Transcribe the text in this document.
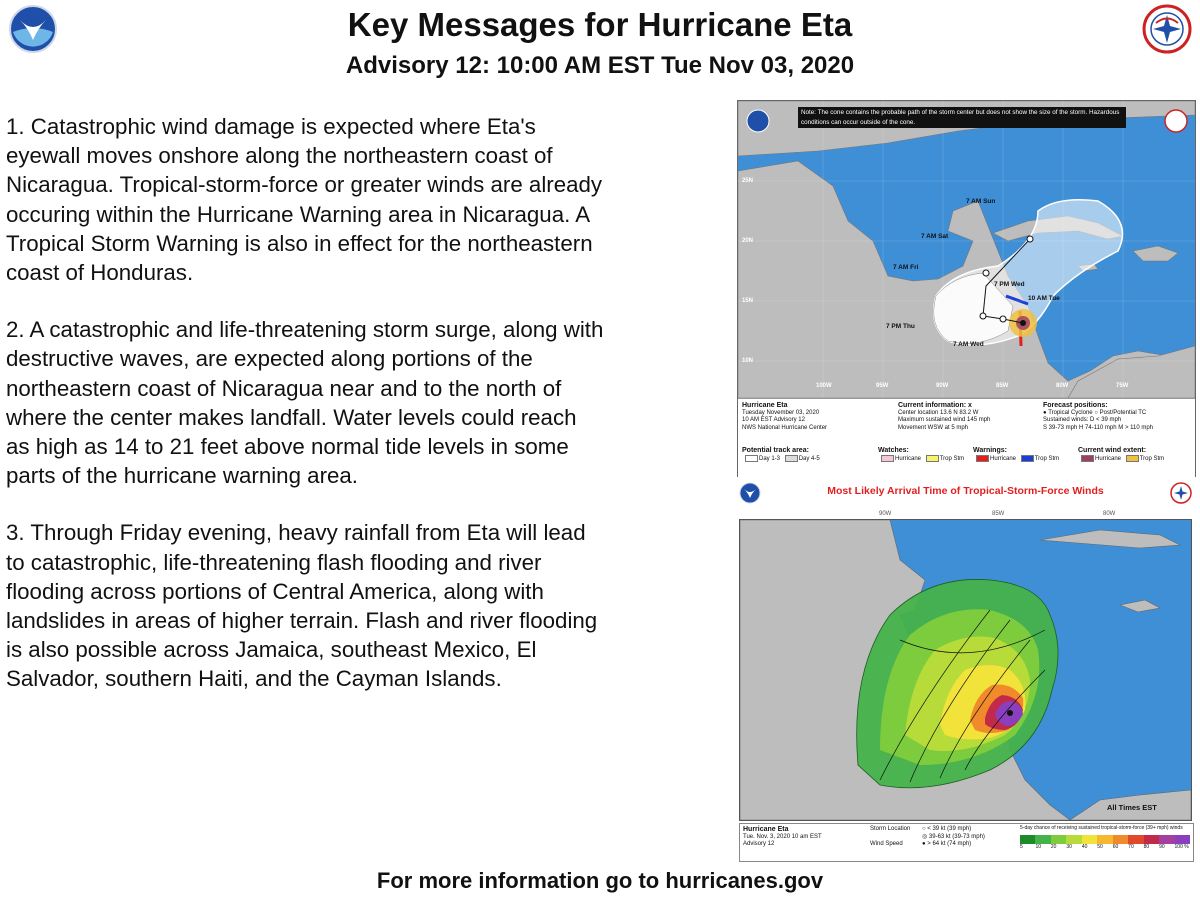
Key Messages for Hurricane Eta
Advisory 12: 10:00 AM EST Tue Nov 03, 2020

1. Catastrophic wind damage is expected where Eta's eyewall moves onshore along the northeastern coast of Nicaragua. Tropical-storm-force or greater winds are already occuring within the Hurricane Warning area in Nicaragua. A Tropical Storm Warning is also in effect for the northeastern coast of Honduras.

2. A catastrophic and life-threatening storm surge, along with destructive waves, are expected along portions of the northeastern coast of Nicaragua near and to the north of where the center makes landfall. Water levels could reach as high as 14 to 21 feet above normal tide levels in some parts of the hurricane warning area.

3. Through Friday evening, heavy rainfall from Eta will lead to catastrophic, life-threatening flash flooding and river flooding across portions of Central America, along with landslides in areas of higher terrain. Flash and river flooding is also possible across Jamaica, southeast Mexico, El Salvador, southern Haiti, and the Cayman Islands.

Note: The cone contains the probable path of the storm center but does not show the size of the storm. Hazardous conditions can occur outside of the cone.
7 AM Sun
7 AM Sat
7 AM Fri
7 PM Wed
10 AM Tue
7 PM Thu
7 AM Wed
25N
20N
15N
10N
100W	95W	90W	85W	80W	75W
Hurricane Eta
Tuesday November 03, 2020
10 AM EST Advisory 12
NWS National Hurricane Center
Current information: x
Center location 13.6 N 83.2 W
Maximum sustained wind 145 mph
Movement WSW at 5 mph
Forecast positions:
● Tropical Cyclone ○ Post/Potential TC
Sustained winds: D < 39 mph
S 39-73 mph H 74-110 mph M > 110 mph
Potential track area:
Day 1-3	Day 4-5
Watches:
Hurricane	Trop Stm
Warnings:
Hurricane	Trop Stm
Current wind extent:
Hurricane	Trop Stm
Most Likely Arrival Time of Tropical-Storm-Force Winds
90W	85W	80W
All Times EST
Hurricane Eta
Tue. Nov. 3, 2020 10 am EST
Advisory 12
Storm Location

Wind Speed
○ < 39 kt (39 mph)
◎ 39-63 kt (39-73 mph)
● > 64 kt (74 mph)
5-day chance of receiving sustained tropical-storm-force (39+ mph) winds
5	10	20	30	40	50	60	70	80	90	100 %
For more information go to hurricanes.gov
